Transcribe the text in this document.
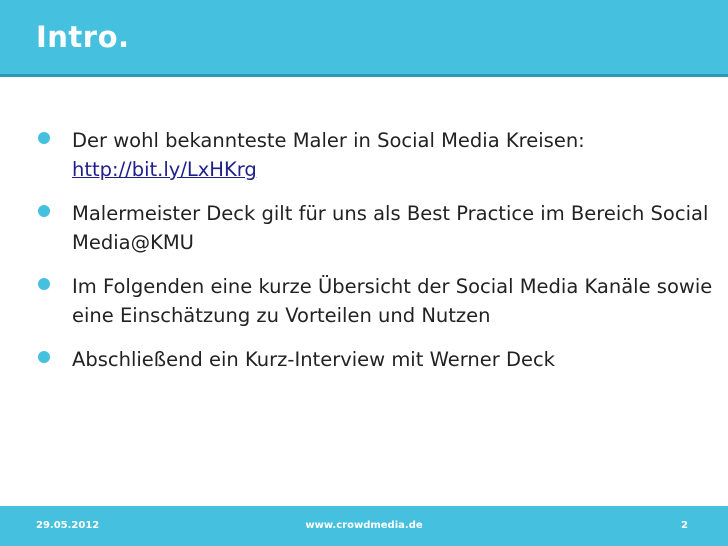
Intro.
Der wohl bekannteste Maler in Social Media Kreisen:
http://bit.ly/LxHKrg
Malermeister Deck gilt für uns als Best Practice im Bereich Social Media@KMU
Im Folgenden eine kurze Übersicht der Social Media Kanäle sowie eine Einschätzung zu Vorteilen und Nutzen
Abschließend ein Kurz-Interview mit Werner Deck
29.05.2012	www.crowdmedia.de	2
